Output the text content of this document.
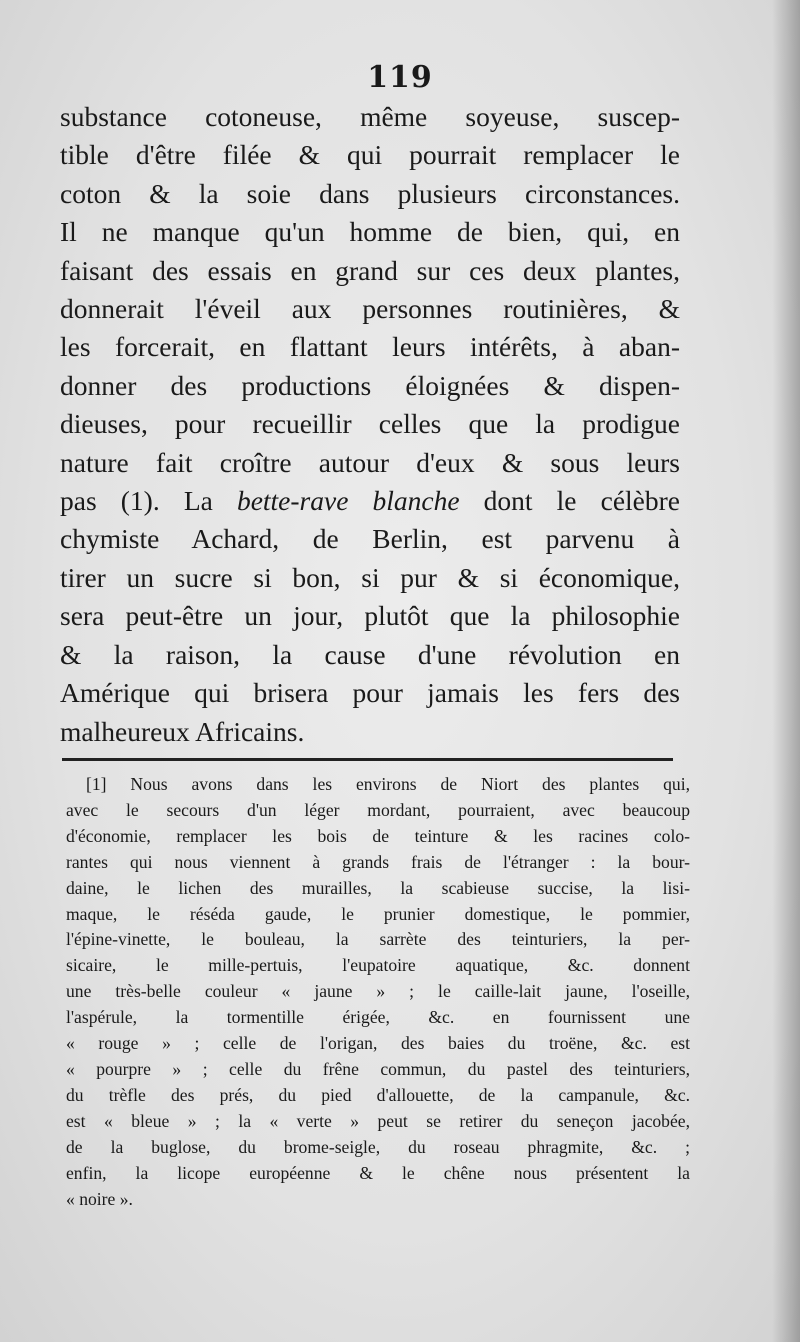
119
substance cotoneuse, même soyeuse, suscep-
tible d'être filée & qui pourrait remplacer le
coton & la soie dans plusieurs circonstances.
Il ne manque qu'un homme de bien, qui, en
faisant des essais en grand sur ces deux plantes,
donnerait l'éveil aux personnes routinières, &
les forcerait, en flattant leurs intérêts, à aban-
donner des productions éloignées & dispen-
dieuses, pour recueillir celles que la prodigue
nature fait croître autour d'eux & sous leurs
pas (1). La bette-rave blanche dont le célèbre
chymiste Achard, de Berlin, est parvenu à
tirer un sucre si bon, si pur & si économique,
sera peut-être un jour, plutôt que la philosophie
& la raison, la cause d'une révolution en
Amérique qui brisera pour jamais les fers des
malheureux Africains.
[1] Nous avons dans les environs de Niort des plantes qui,
avec le secours d'un léger mordant, pourraient, avec beaucoup
d'économie, remplacer les bois de teinture & les racines colo-
rantes qui nous viennent à grands frais de l'étranger : la bour-
daine, le lichen des murailles, la scabieuse succise, la lisi-
maque, le réséda gaude, le prunier domestique, le pommier,
l'épine-vinette, le bouleau, la sarrète des teinturiers, la per-
sicaire, le mille-pertuis, l'eupatoire aquatique, &c. donnent
une très-belle couleur « jaune » ; le caille-lait jaune, l'oseille,
l'aspérule, la tormentille érigée, &c. en fournissent une
« rouge » ; celle de l'origan, des baies du troëne, &c. est
« pourpre » ; celle du frêne commun, du pastel des teinturiers,
du trèfle des prés, du pied d'allouette, de la campanule, &c.
est « bleue » ; la « verte » peut se retirer du seneçon jacobée,
de la buglose, du brome-seigle, du roseau phragmite, &c. ;
enfin, la licope européenne & le chêne nous présentent la
« noire ».
